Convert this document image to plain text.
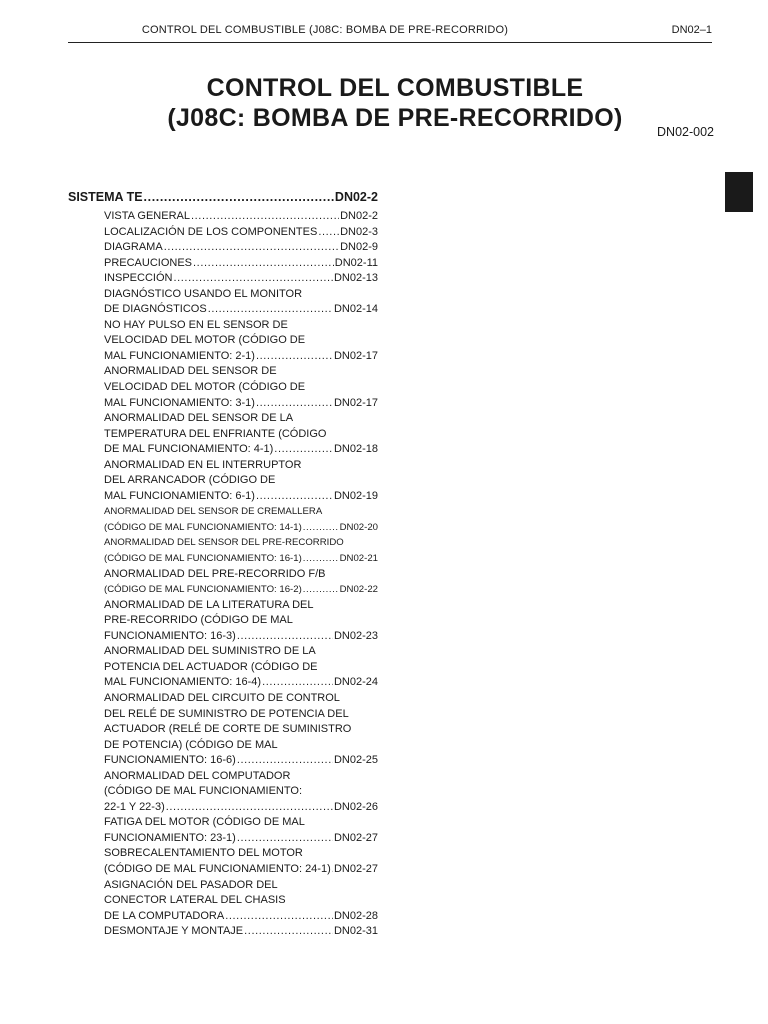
CONTROL DEL COMBUSTIBLE (J08C: BOMBA DE PRE-RECORRIDO)	DN02–1
CONTROL DEL COMBUSTIBLE
(J08C: BOMBA DE PRE-RECORRIDO)	DN02-002
SISTEMA TE .....	DN02-2
VISTA GENERAL .....	DN02-2
LOCALIZACIÓN DE LOS COMPONENTES ..... DN02-3
DIAGRAMA .....	DN02-9
PRECAUCIONES .....	DN02-11
INSPECCIÓN .....	DN02-13
DIAGNÓSTICO USANDO EL MONITOR
DE DIAGNÓSTICOS .....	DN02-14
NO HAY PULSO EN EL SENSOR DE
VELOCIDAD DEL MOTOR (CÓDIGO DE
MAL FUNCIONAMIENTO: 2-1) .....	DN02-17
ANORMALIDAD DEL SENSOR DE
VELOCIDAD DEL MOTOR (CÓDIGO DE
MAL FUNCIONAMIENTO: 3-1) .....	DN02-17
ANORMALIDAD DEL SENSOR DE LA
TEMPERATURA DEL ENFRIANTE (CÓDIGO
DE MAL FUNCIONAMIENTO: 4-1) .....	DN02-18
ANORMALIDAD EN EL INTERRUPTOR
DEL ARRANCADOR (CÓDIGO DE
MAL FUNCIONAMIENTO: 6-1) .....	DN02-19
ANORMALIDAD DEL SENSOR DE CREMALLERA
(CÓDIGO DE MAL FUNCIONAMIENTO: 14-1) .....	DN02-20
ANORMALIDAD DEL SENSOR DEL PRE-RECORRIDO
(CÓDIGO DE MAL FUNCIONAMIENTO: 16-1) .....	DN02-21
ANORMALIDAD DEL PRE-RECORRIDO F/B
(CÓDIGO DE MAL FUNCIONAMIENTO: 16-2) .....	DN02-22
ANORMALIDAD DE LA LITERATURA DEL
PRE-RECORRIDO (CÓDIGO DE MAL
FUNCIONAMIENTO: 16-3) .....	DN02-23
ANORMALIDAD DEL SUMINISTRO DE LA
POTENCIA DEL ACTUADOR (CÓDIGO DE
MAL FUNCIONAMIENTO: 16-4) .....	DN02-24
ANORMALIDAD DEL CIRCUITO DE CONTROL
DEL RELÉ DE SUMINISTRO DE POTENCIA DEL
ACTUADOR (RELÉ DE CORTE DE SUMINISTRO
DE POTENCIA) (CÓDIGO DE MAL
FUNCIONAMIENTO: 16-6) .....	DN02-25
ANORMALIDAD DEL COMPUTADOR
(CÓDIGO DE MAL FUNCIONAMIENTO:
22-1 Y 22-3) .....	DN02-26
FATIGA DEL MOTOR (CÓDIGO DE MAL
FUNCIONAMIENTO: 23-1) .....	DN02-27
SOBRECALENTAMIENTO DEL MOTOR
(CÓDIGO DE MAL FUNCIONAMIENTO: 24-1) ..... DN02-27
ASIGNACIÓN DEL PASADOR DEL
CONECTOR LATERAL DEL CHASIS
DE LA COMPUTADORA .....	DN02-28
DESMONTAJE Y MONTAJE .....	DN02-31
